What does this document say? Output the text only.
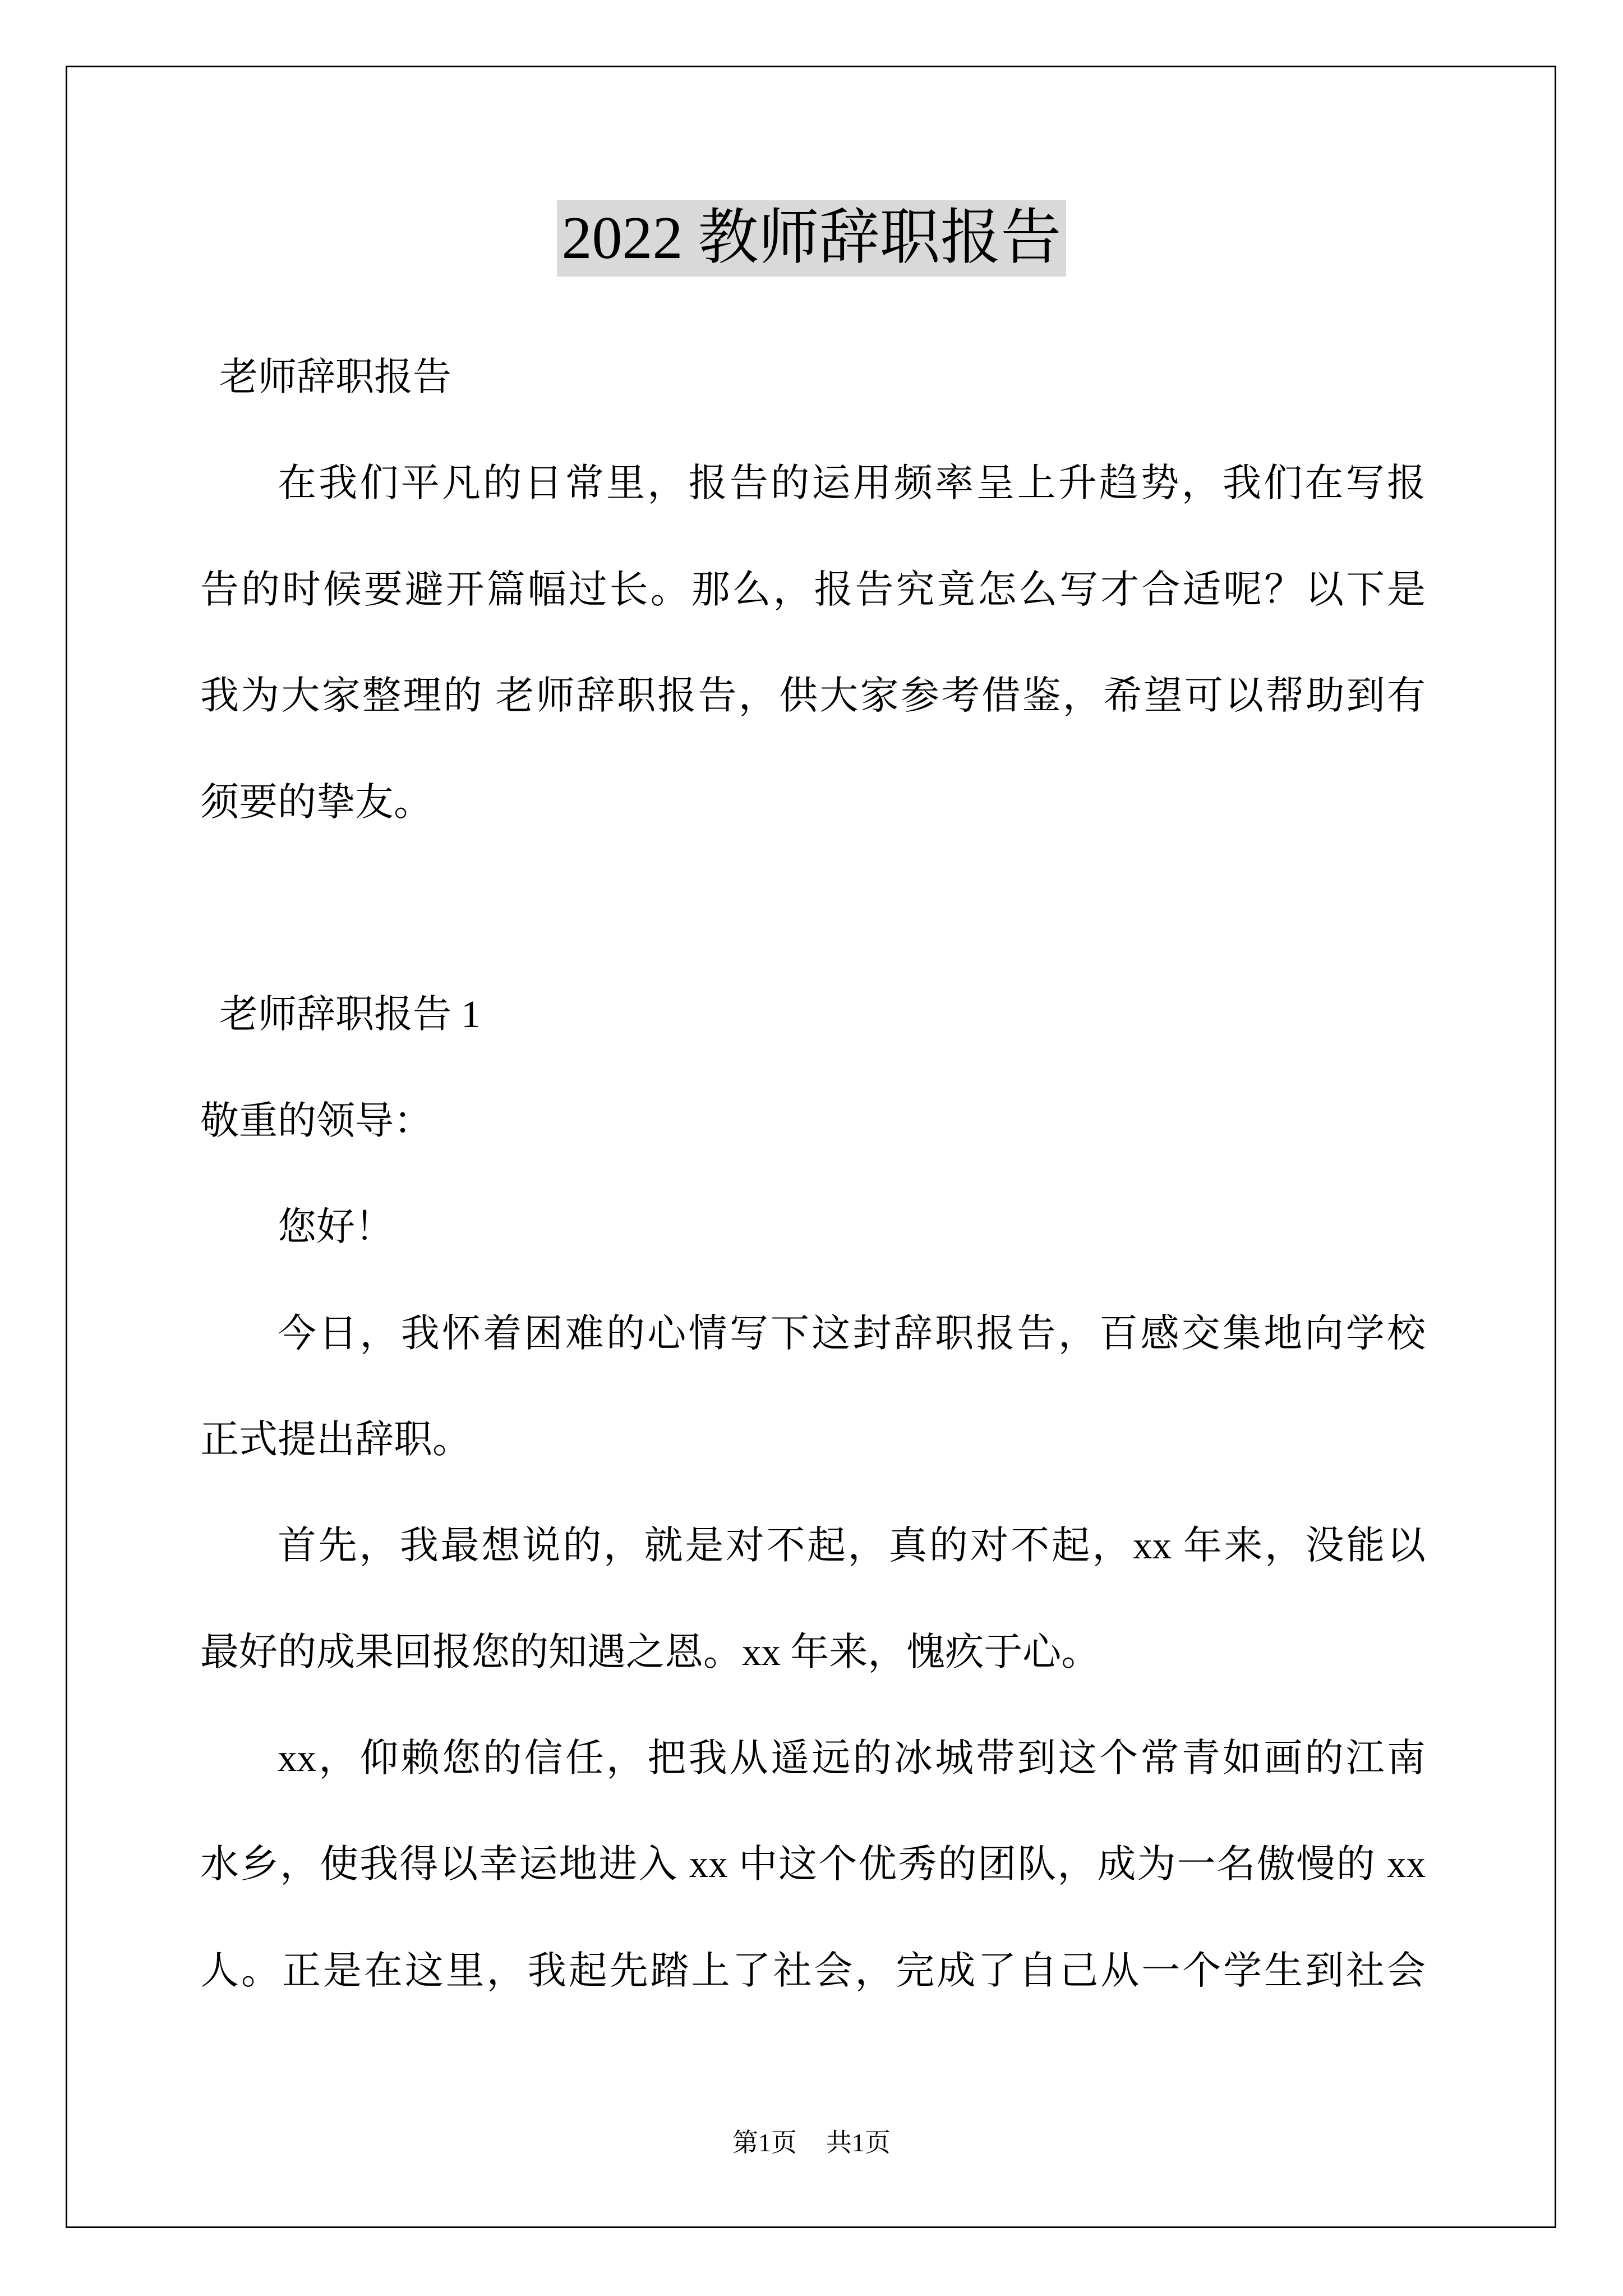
2022 教师辞职报告
老师辞职报告
在我们平凡的日常里，报告的运用频率呈上升趋势，我们在写报
告的时候要避开篇幅过长。那么，报告究竟怎么写才合适呢？以下是
我为大家整理的 老师辞职报告，供大家参考借鉴，希望可以帮助到有
须要的挚友。
老师辞职报告 1
敬重的领导：
您好！
今日，我怀着困难的心情写下这封辞职报告，百感交集地向学校
正式提出辞职。
首先，我最想说的，就是对不起，真的对不起，xx 年来，没能以
最好的成果回报您的知遇之恩。xx 年来，愧疚于心。
xx，仰赖您的信任，把我从遥远的冰城带到这个常青如画的江南
水乡，使我得以幸运地进入 xx 中这个优秀的团队，成为一名傲慢的 xx
人。正是在这里，我起先踏上了社会，完成了自己从一个学生到社会
第1页 共1页
